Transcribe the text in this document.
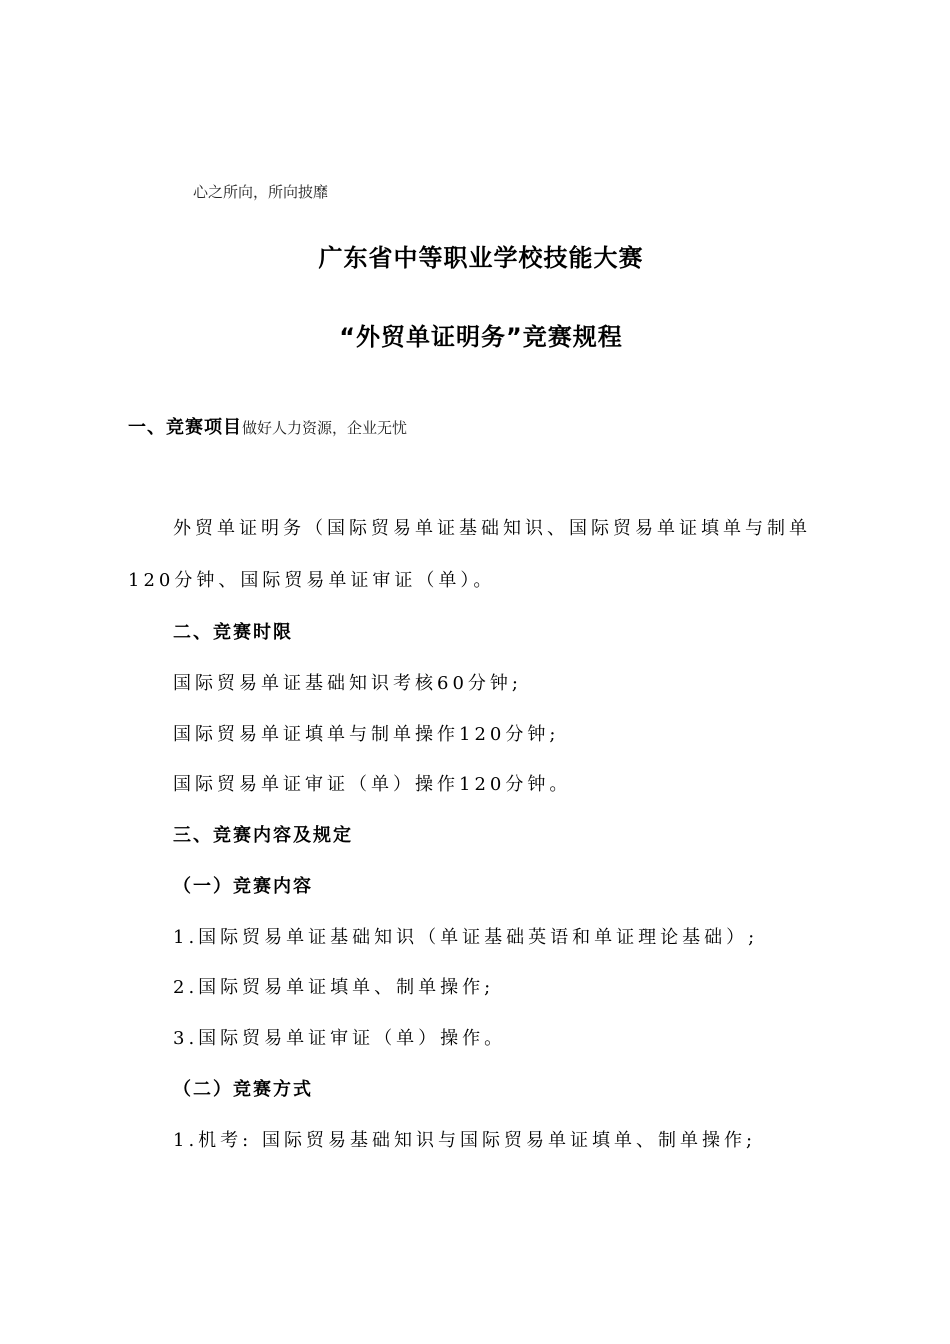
心之所向，所向披靡
广东省中等职业学校技能大赛
“外贸单证明务”竞赛规程
一、竞赛项目做好人力资源，企业无忧
外贸单证明务（国际贸易单证基础知识、国际贸易单证填单与制单
120分钟、国际贸易单证审证（单）。
二、竞赛时限
国际贸易单证基础知识考核60分钟;
国际贸易单证填单与制单操作120分钟;
国际贸易单证审证（单）操作120分钟。
三、竞赛内容及规定
（一）竞赛内容
1.国际贸易单证基础知识（单证基础英语和单证理论基础）;
2.国际贸易单证填单、制单操作;
3.国际贸易单证审证（单）操作。
（二）竞赛方式
1.机考: 国际贸易基础知识与国际贸易单证填单、制单操作;
